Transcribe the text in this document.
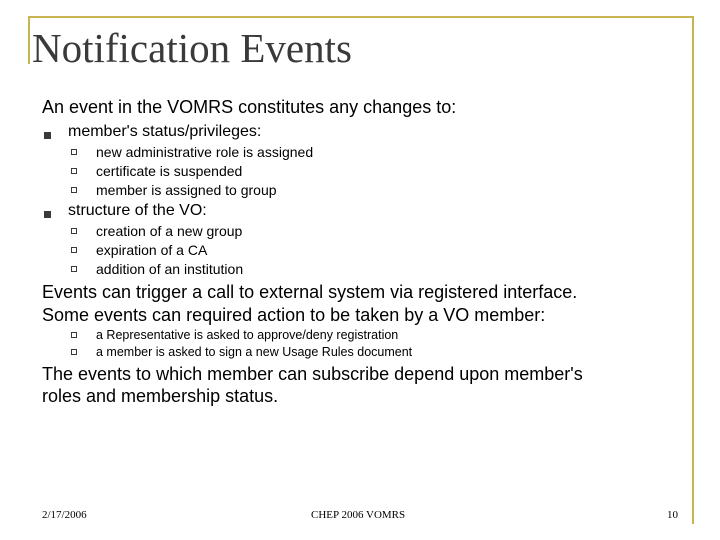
Notification Events
An event in the VOMRS constitutes any changes to:
member's status/privileges:
new administrative role is assigned
certificate is suspended
member is assigned to group
structure of the VO:
creation of a new group
expiration of a CA
addition of an institution
Events can trigger a call to external system via registered interface.
Some events can required action to be taken by a VO member:
a Representative is asked to approve/deny registration
a member is asked to sign a new Usage Rules document
The events to which member can subscribe depend upon member's
roles and membership status.
2/17/2006	CHEP 2006 VOMRS	10
